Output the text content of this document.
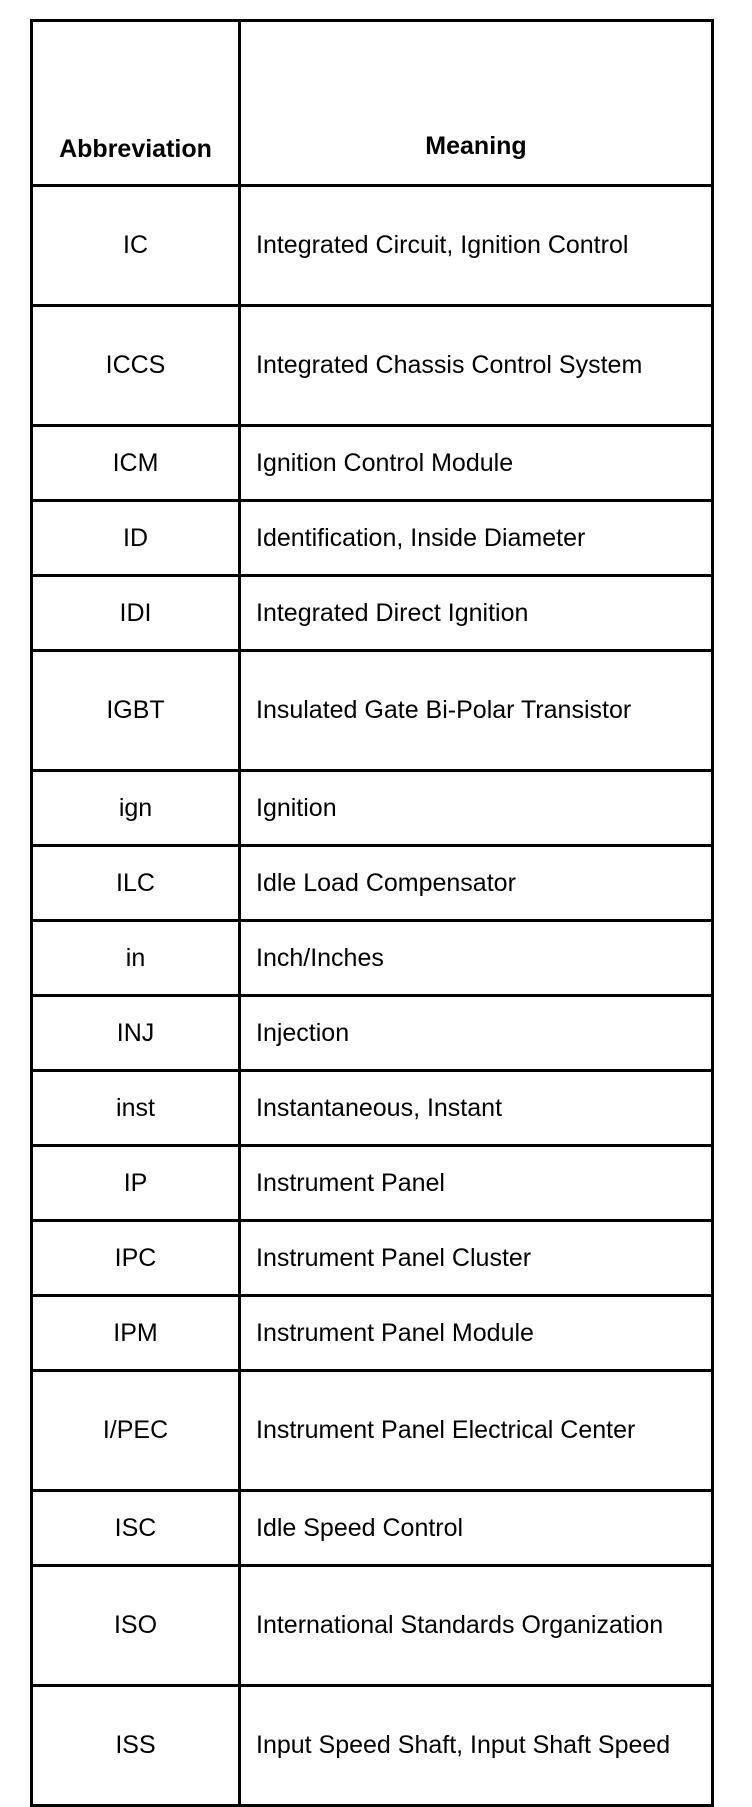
Abbreviation	Meaning
IC	Integrated Circuit, Ignition Control
ICCS	Integrated Chassis Control System
ICM	Ignition Control Module
ID	Identification, Inside Diameter
IDI	Integrated Direct Ignition
IGBT	Insulated Gate Bi-Polar Transistor
ign	Ignition
ILC	Idle Load Compensator
in	Inch/Inches
INJ	Injection
inst	Instantaneous, Instant
IP	Instrument Panel
IPC	Instrument Panel Cluster
IPM	Instrument Panel Module
I/PEC	Instrument Panel Electrical Center
ISC	Idle Speed Control
ISO	International Standards Organization
ISS	Input Speed Shaft, Input Shaft Speed
